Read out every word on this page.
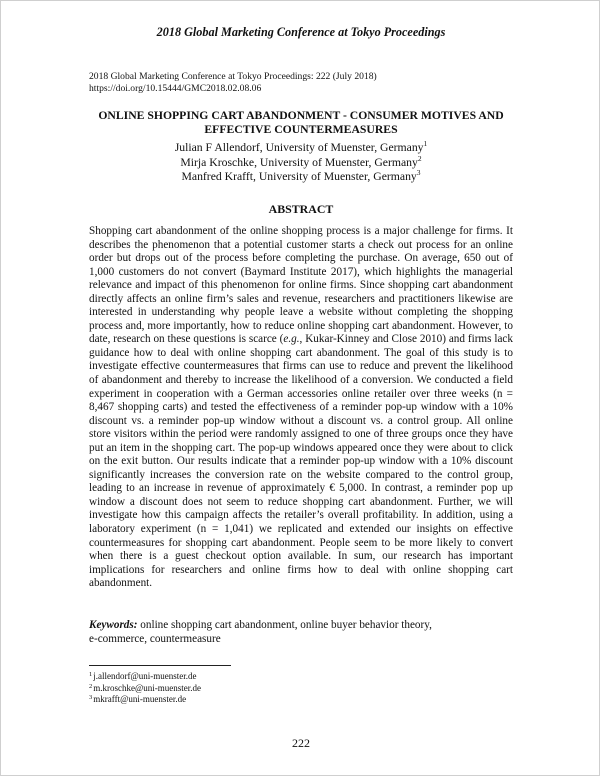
2018 Global Marketing Conference at Tokyo Proceedings
2018 Global Marketing Conference at Tokyo Proceedings: 222 (July 2018)
https://doi.org/10.15444/GMC2018.02.08.06
ONLINE SHOPPING CART ABANDONMENT - CONSUMER MOTIVES AND
EFFECTIVE COUNTERMEASURES
Julian F Allendorf, University of Muenster, Germany$^1$
Mirja Kroschke, University of Muenster, Germany$^2$
Manfred Krafft, University of Muenster, Germany$^3$
ABSTRACT
Shopping cart abandonment of the online shopping process is a major challenge for firms. It describes the phenomenon that a potential customer starts a check out process for an online order but drops out of the process before completing the purchase. On average, 650 out of 1,000 customers do not convert (Baymard Institute 2017), which highlights the managerial relevance and impact of this phenomenon for online firms. Since shopping cart abandonment directly affects an online firm’s sales and revenue, researchers and practitioners likewise are interested in understanding why people leave a website without completing the shopping process and, more importantly, how to reduce online shopping cart abandonment. However, to date, research on these questions is scarce (e.g., Kukar-Kinney and Close 2010) and firms lack guidance how to deal with online shopping cart abandonment. The goal of this study is to investigate effective countermeasures that firms can use to reduce and prevent the likelihood of abandonment and thereby to increase the likelihood of a conversion. We conducted a field experiment in cooperation with a German accessories online retailer over three weeks (n = 8,467 shopping carts) and tested the effectiveness of a reminder pop-up window with a 10% discount vs. a reminder pop-up window without a discount vs. a control group. All online store visitors within the period were randomly assigned to one of three groups once they have put an item in the shopping cart. The pop-up windows appeared once they were about to click on the exit button. Our results indicate that a reminder pop-up window with a 10% discount significantly increases the conversion rate on the website compared to the control group, leading to an increase in revenue of approximately € 5,000. In contrast, a reminder pop up window a discount does not seem to reduce shopping cart abandonment. Further, we will investigate how this campaign affects the retailer’s overall profitability. In addition, using a laboratory experiment (n = 1,041) we replicated and extended our insights on effective countermeasures for shopping cart abandonment. People seem to be more likely to convert when there is a guest checkout option available. In sum, our research has important implications for researchers and online firms how to deal with online shopping cart abandonment.
Keywords: online shopping cart abandonment, online buyer behavior theory,
e-commerce, countermeasure
$^1$j.allendorf@uni-muenster.de
$^2$m.kroschke@uni-muenster.de
$^3$mkrafft@uni-muenster.de
222
